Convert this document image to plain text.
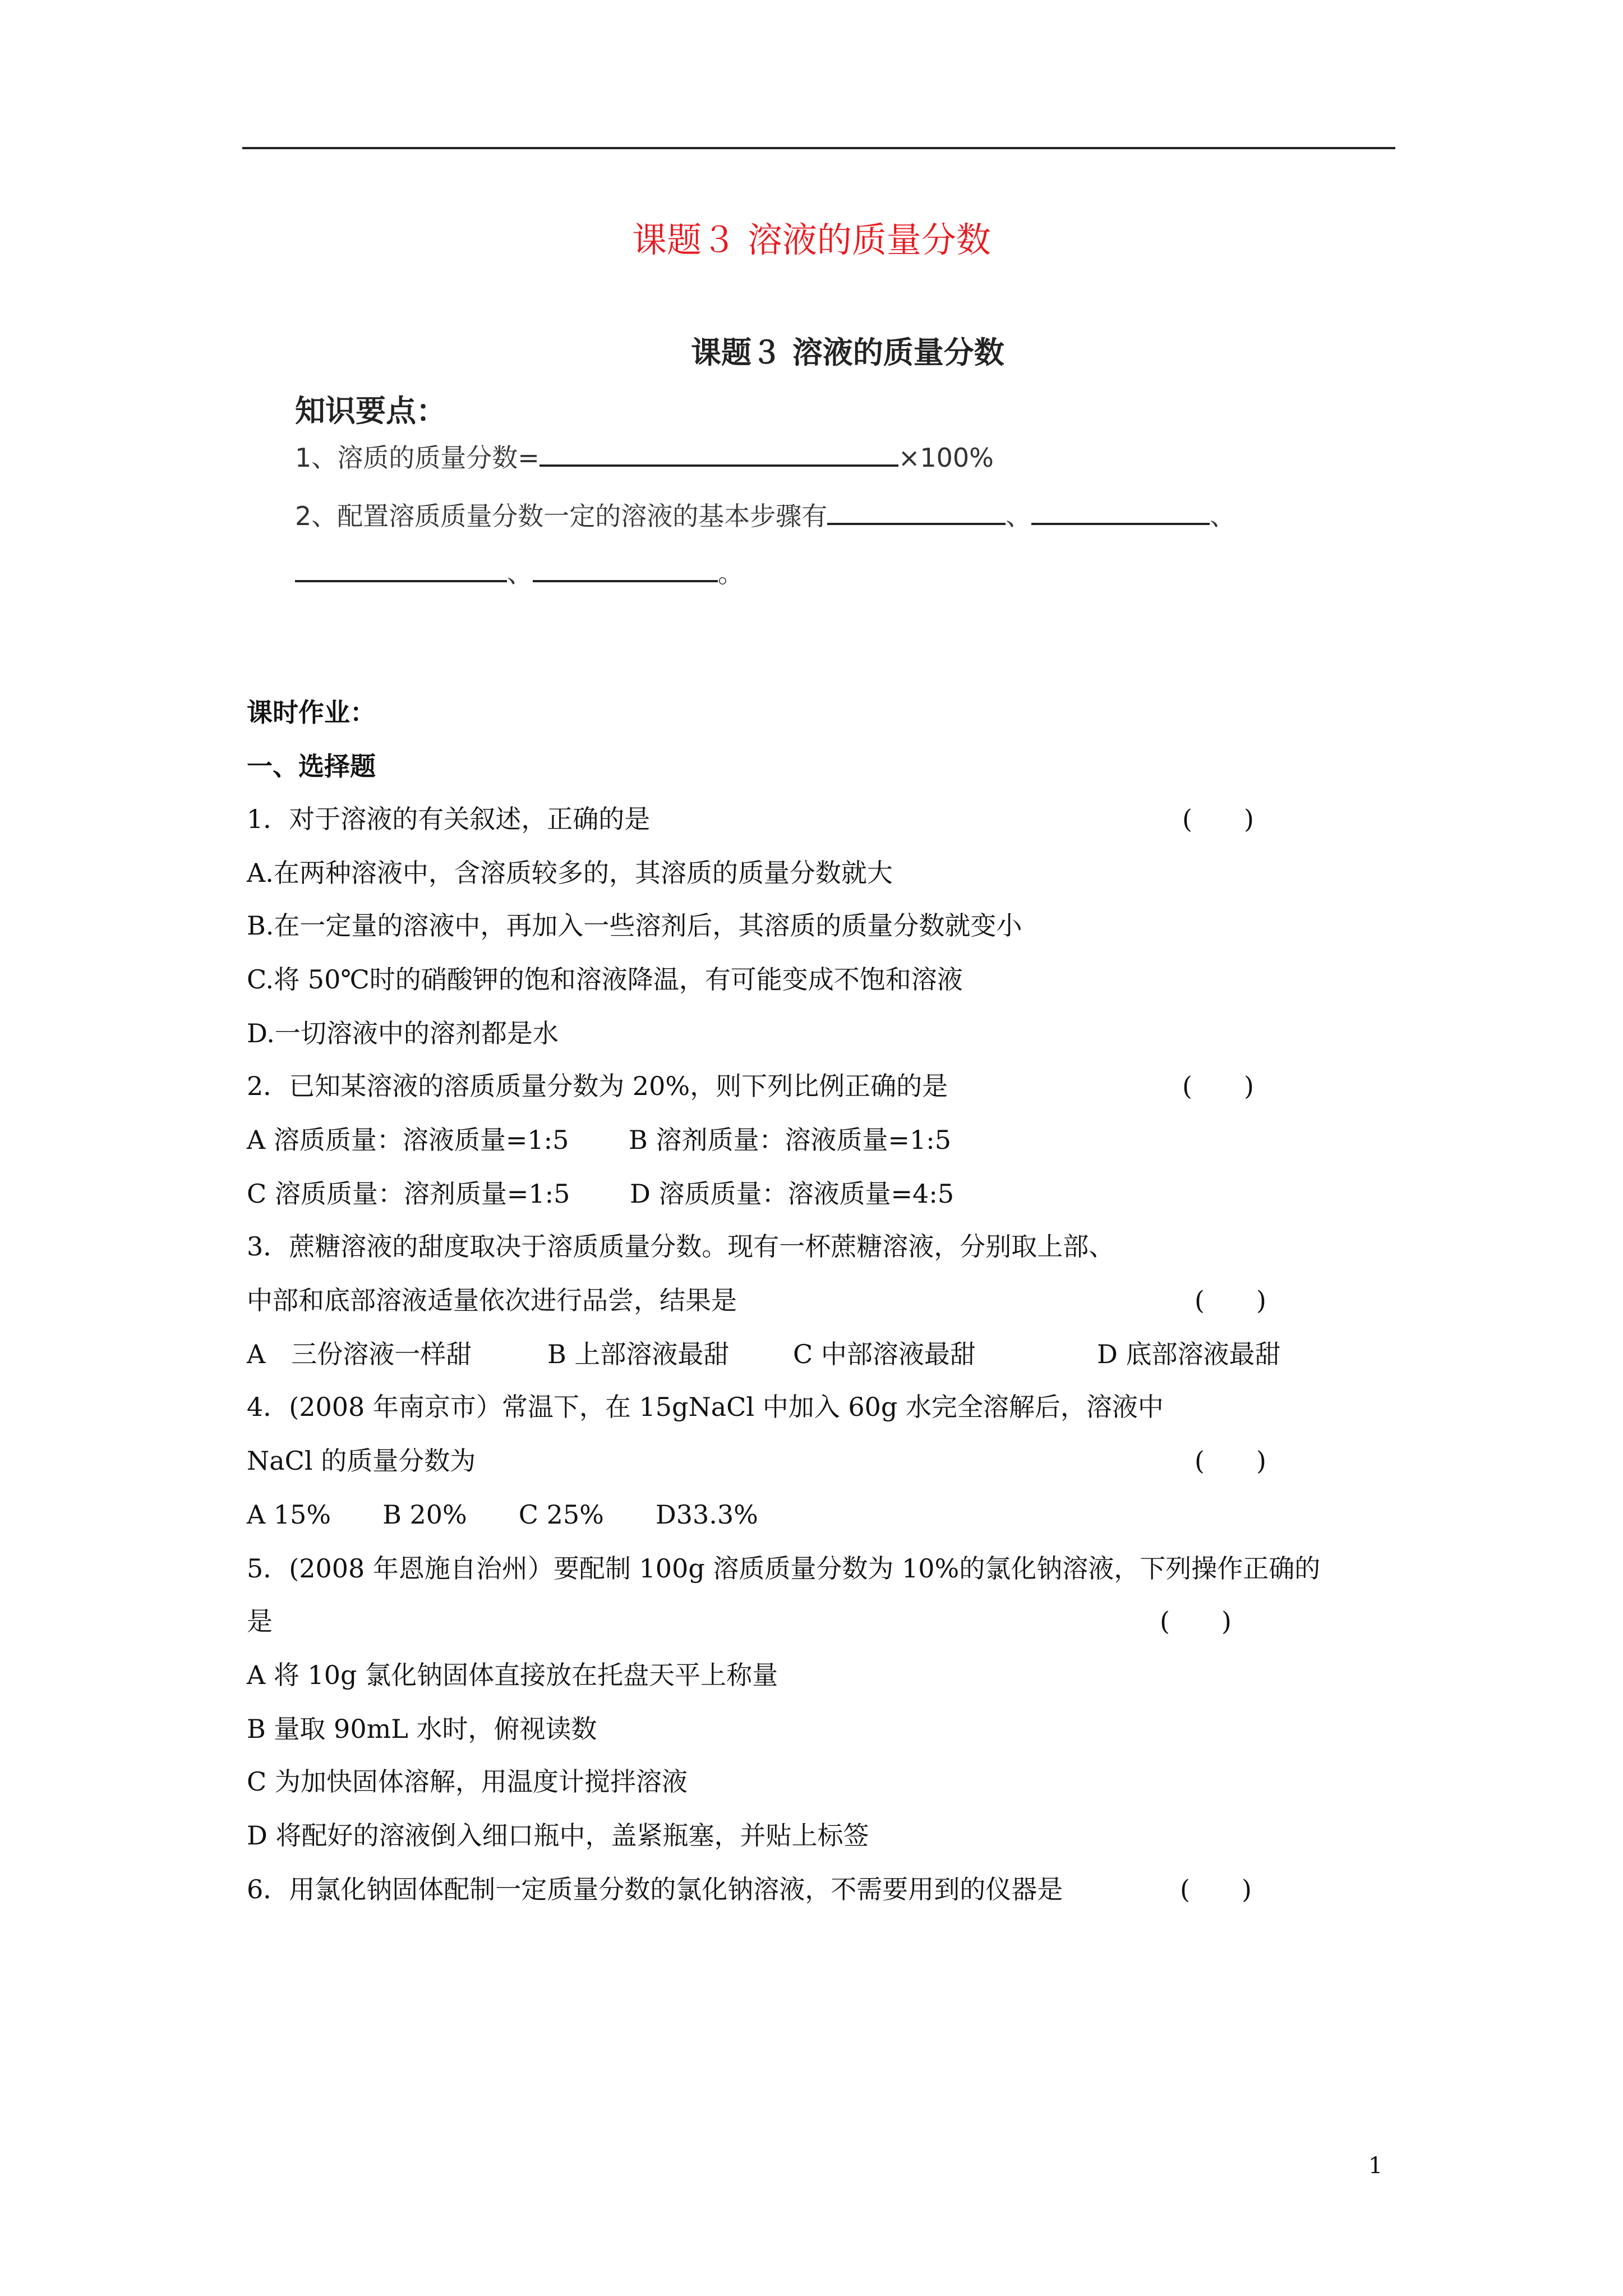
课题３ 溶液的质量分数
课题３ 溶液的质量分数
知识要点：
1、溶质的质量分数=	×100%
2、配置溶质质量分数一定的溶液的基本步骤有	、	、
、	。
课时作业：
一、选择题
1．对于溶液的有关叙述，正确的是	(　　)
A.在两种溶液中，含溶质较多的，其溶质的质量分数就大
B.在一定量的溶液中，再加入一些溶剂后，其溶质的质量分数就变小
C.将 50℃时的硝酸钾的饱和溶液降温，有可能变成不饱和溶液
D.一切溶液中的溶剂都是水
2．已知某溶液的溶质质量分数为 20%，则下列比例正确的是	(　　)
A 溶质质量：溶液质量=1:5　　 B 溶剂质量：溶液质量=1:5
C 溶质质量：溶剂质量=1:5　　 D 溶质质量：溶液质量=4:5
3．蔗糖溶液的甜度取决于溶质质量分数。现有一杯蔗糖溶液，分别取上部、
中部和底部溶液适量依次进行品尝，结果是	(　　)
A　三份溶液一样甜	B 上部溶液最甜 C 中部溶液最甜	D 底部溶液最甜
4．(2008 年南京市）常温下，在 15gNaCl 中加入 60g 水完全溶解后，溶液中
NaCl 的质量分数为	(　　)
A 15%　　B 20%　　C 25%　　D33.3%
5．(2008 年恩施自治州）要配制 100g 溶质质量分数为 10%的氯化钠溶液，下列操作正确的
是	(　　)
A 将 10g 氯化钠固体直接放在托盘天平上称量
B 量取 90mL 水时，俯视读数
C 为加快固体溶解，用温度计搅拌溶液
D 将配好的溶液倒入细口瓶中，盖紧瓶塞，并贴上标签
6．用氯化钠固体配制一定质量分数的氯化钠溶液，不需要用到的仪器是	(　　)
1
